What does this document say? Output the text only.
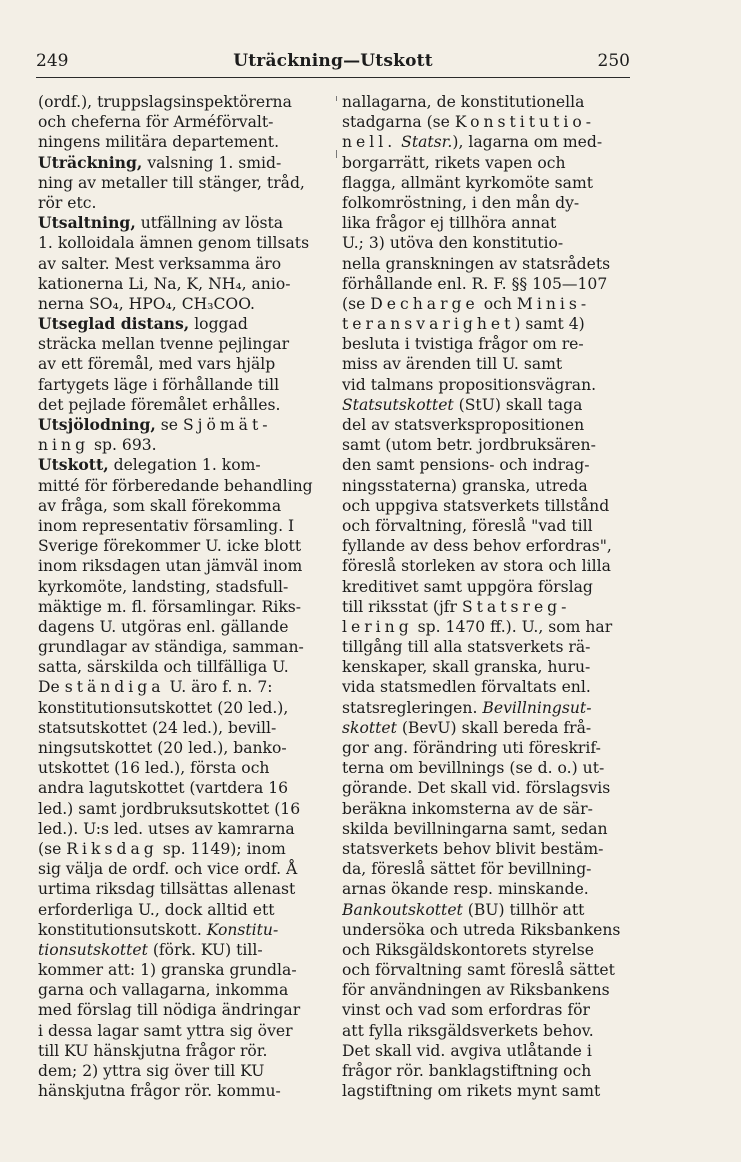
249	Uträckning—Utskott	250
(ordf.), truppslagsinspektörerna
och cheferna för Arméförvalt-
ningens militära departement.
Uträckning, valsning 1. smid-
ning av metaller till stänger, tråd,
rör etc.
Utsaltning, utfällning av lösta
1. kolloidala ämnen genom tillsats
av salter. Mest verksamma äro
kationerna Li, Na, K, NH₄, anio-
nerna SO₄, HPO₄, CH₃COO.
Utseglad distans, loggad
sträcka mellan tvenne pejlingar
av ett föremål, med vars hjälp
fartygets läge i förhållande till
det pejlade föremålet erhålles.
Utsjölodning, se Sjömät-
ning sp. 693.
Utskott, delegation 1. kom-
mitté för förberedande behandling
av fråga, som skall förekomma
inom representativ församling. I
Sverige förekommer U. icke blott
inom riksdagen utan jämväl inom
kyrkomöte, landsting, stadsfull-
mäktige m. fl. församlingar. Riks-
dagens U. utgöras enl. gällande
grundlagar av ständiga, samman-
satta, särskilda och tillfälliga U.
De ständiga U. äro f. n. 7:
konstitutionsutskottet (20 led.),
statsutskottet (24 led.), bevill-
ningsutskottet (20 led.), banko-
utskottet (16 led.), första och
andra lagutskottet (vartdera 16
led.) samt jordbruksutskottet (16
led.). U:s led. utses av kamrarna
(se Riksdag sp. 1149); inom
sig välja de ordf. och vice ordf. Å
urtima riksdag tillsättas allenast
erforderliga U., dock alltid ett
konstitutionsutskott. Konstitu-
tionsutskottet (förk. KU) till-
kommer att: 1) granska grundla-
garna och vallagarna, inkomma
med förslag till nödiga ändringar
i dessa lagar samt yttra sig över
till KU hänskjutna frågor rör.
dem; 2) yttra sig över till KU
hänskjutna frågor rör. kommu-
nallagarna, de konstitutionella
stadgarna (se Konstitutio-
nell. Statsr.), lagarna om med-
borgarrätt, rikets vapen och
flagga, allmänt kyrkomöte samt
folkomröstning, i den mån dy-
lika frågor ej tillhöra annat
U.; 3) utöva den konstitutio-
nella granskningen av statsrådets
förhållande enl. R. F. §§ 105—107
(se Decharge och Minis-
teransvarighet) samt 4)
besluta i tvistiga frågor om re-
miss av ärenden till U. samt
vid talmans propositionsvägran.
Statsutskottet (StU) skall taga
del av statsverkspropositionen
samt (utom betr. jordbruksären-
den samt pensions- och indrag-
ningsstaterna) granska, utreda
och uppgiva statsverkets tillstånd
och förvaltning, föreslå "vad till
fyllande av dess behov erfordras",
föreslå storleken av stora och lilla
kreditivet samt uppgöra förslag
till riksstat (jfr Statsreg-
lering sp. 1470 ff.). U., som har
tillgång till alla statsverkets rä-
kenskaper, skall granska, huru-
vida statsmedlen förvaltats enl.
statsregleringen. Bevillningsut-
skottet (BevU) skall bereda frå-
gor ang. förändring uti föreskrif-
terna om bevillnings (se d. o.) ut-
görande. Det skall vid. förslagsvis
beräkna inkomsterna av de sär-
skilda bevillningarna samt, sedan
statsverkets behov blivit bestäm-
da, föreslå sättet för bevillning-
arnas ökande resp. minskande.
Bankoutskottet (BU) tillhör att
undersöka och utreda Riksbankens
och Riksgäldskontorets styrelse
och förvaltning samt föreslå sättet
för användningen av Riksbankens
vinst och vad som erfordras för
att fylla riksgäldsverkets behov.
Det skall vid. avgiva utlåtande i
frågor rör. banklagstiftning och
lagstiftning om rikets mynt samt
